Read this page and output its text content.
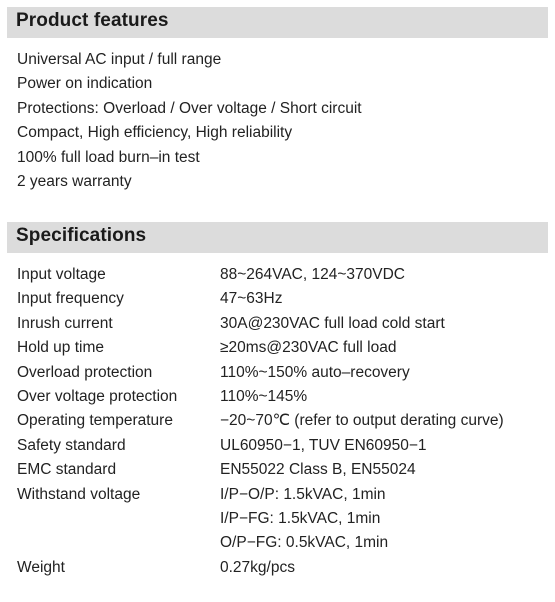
Product features
Universal AC input / full range
Power on indication
Protections: Overload / Over voltage / Short circuit
Compact, High efficiency, High reliability
100% full load burn–in test
2 years warranty
Specifications
Input voltage	88~264VAC, 124~370VDC
Input frequency	47~63Hz
Inrush current	30A@230VAC full load cold start
Hold up time	≥20ms@230VAC full load
Overload protection	110%~150% auto–recovery
Over voltage protection	110%~145%
Operating temperature	−20~70℃ (refer to output derating curve)
Safety standard	UL60950−1, TUV EN60950−1
EMC standard	EN55022 Class B, EN55024
Withstand voltage	I/P−O/P: 1.5kVAC, 1min
I/P−FG: 1.5kVAC, 1min
O/P−FG: 0.5kVAC, 1min
Weight	0.27kg/pcs
